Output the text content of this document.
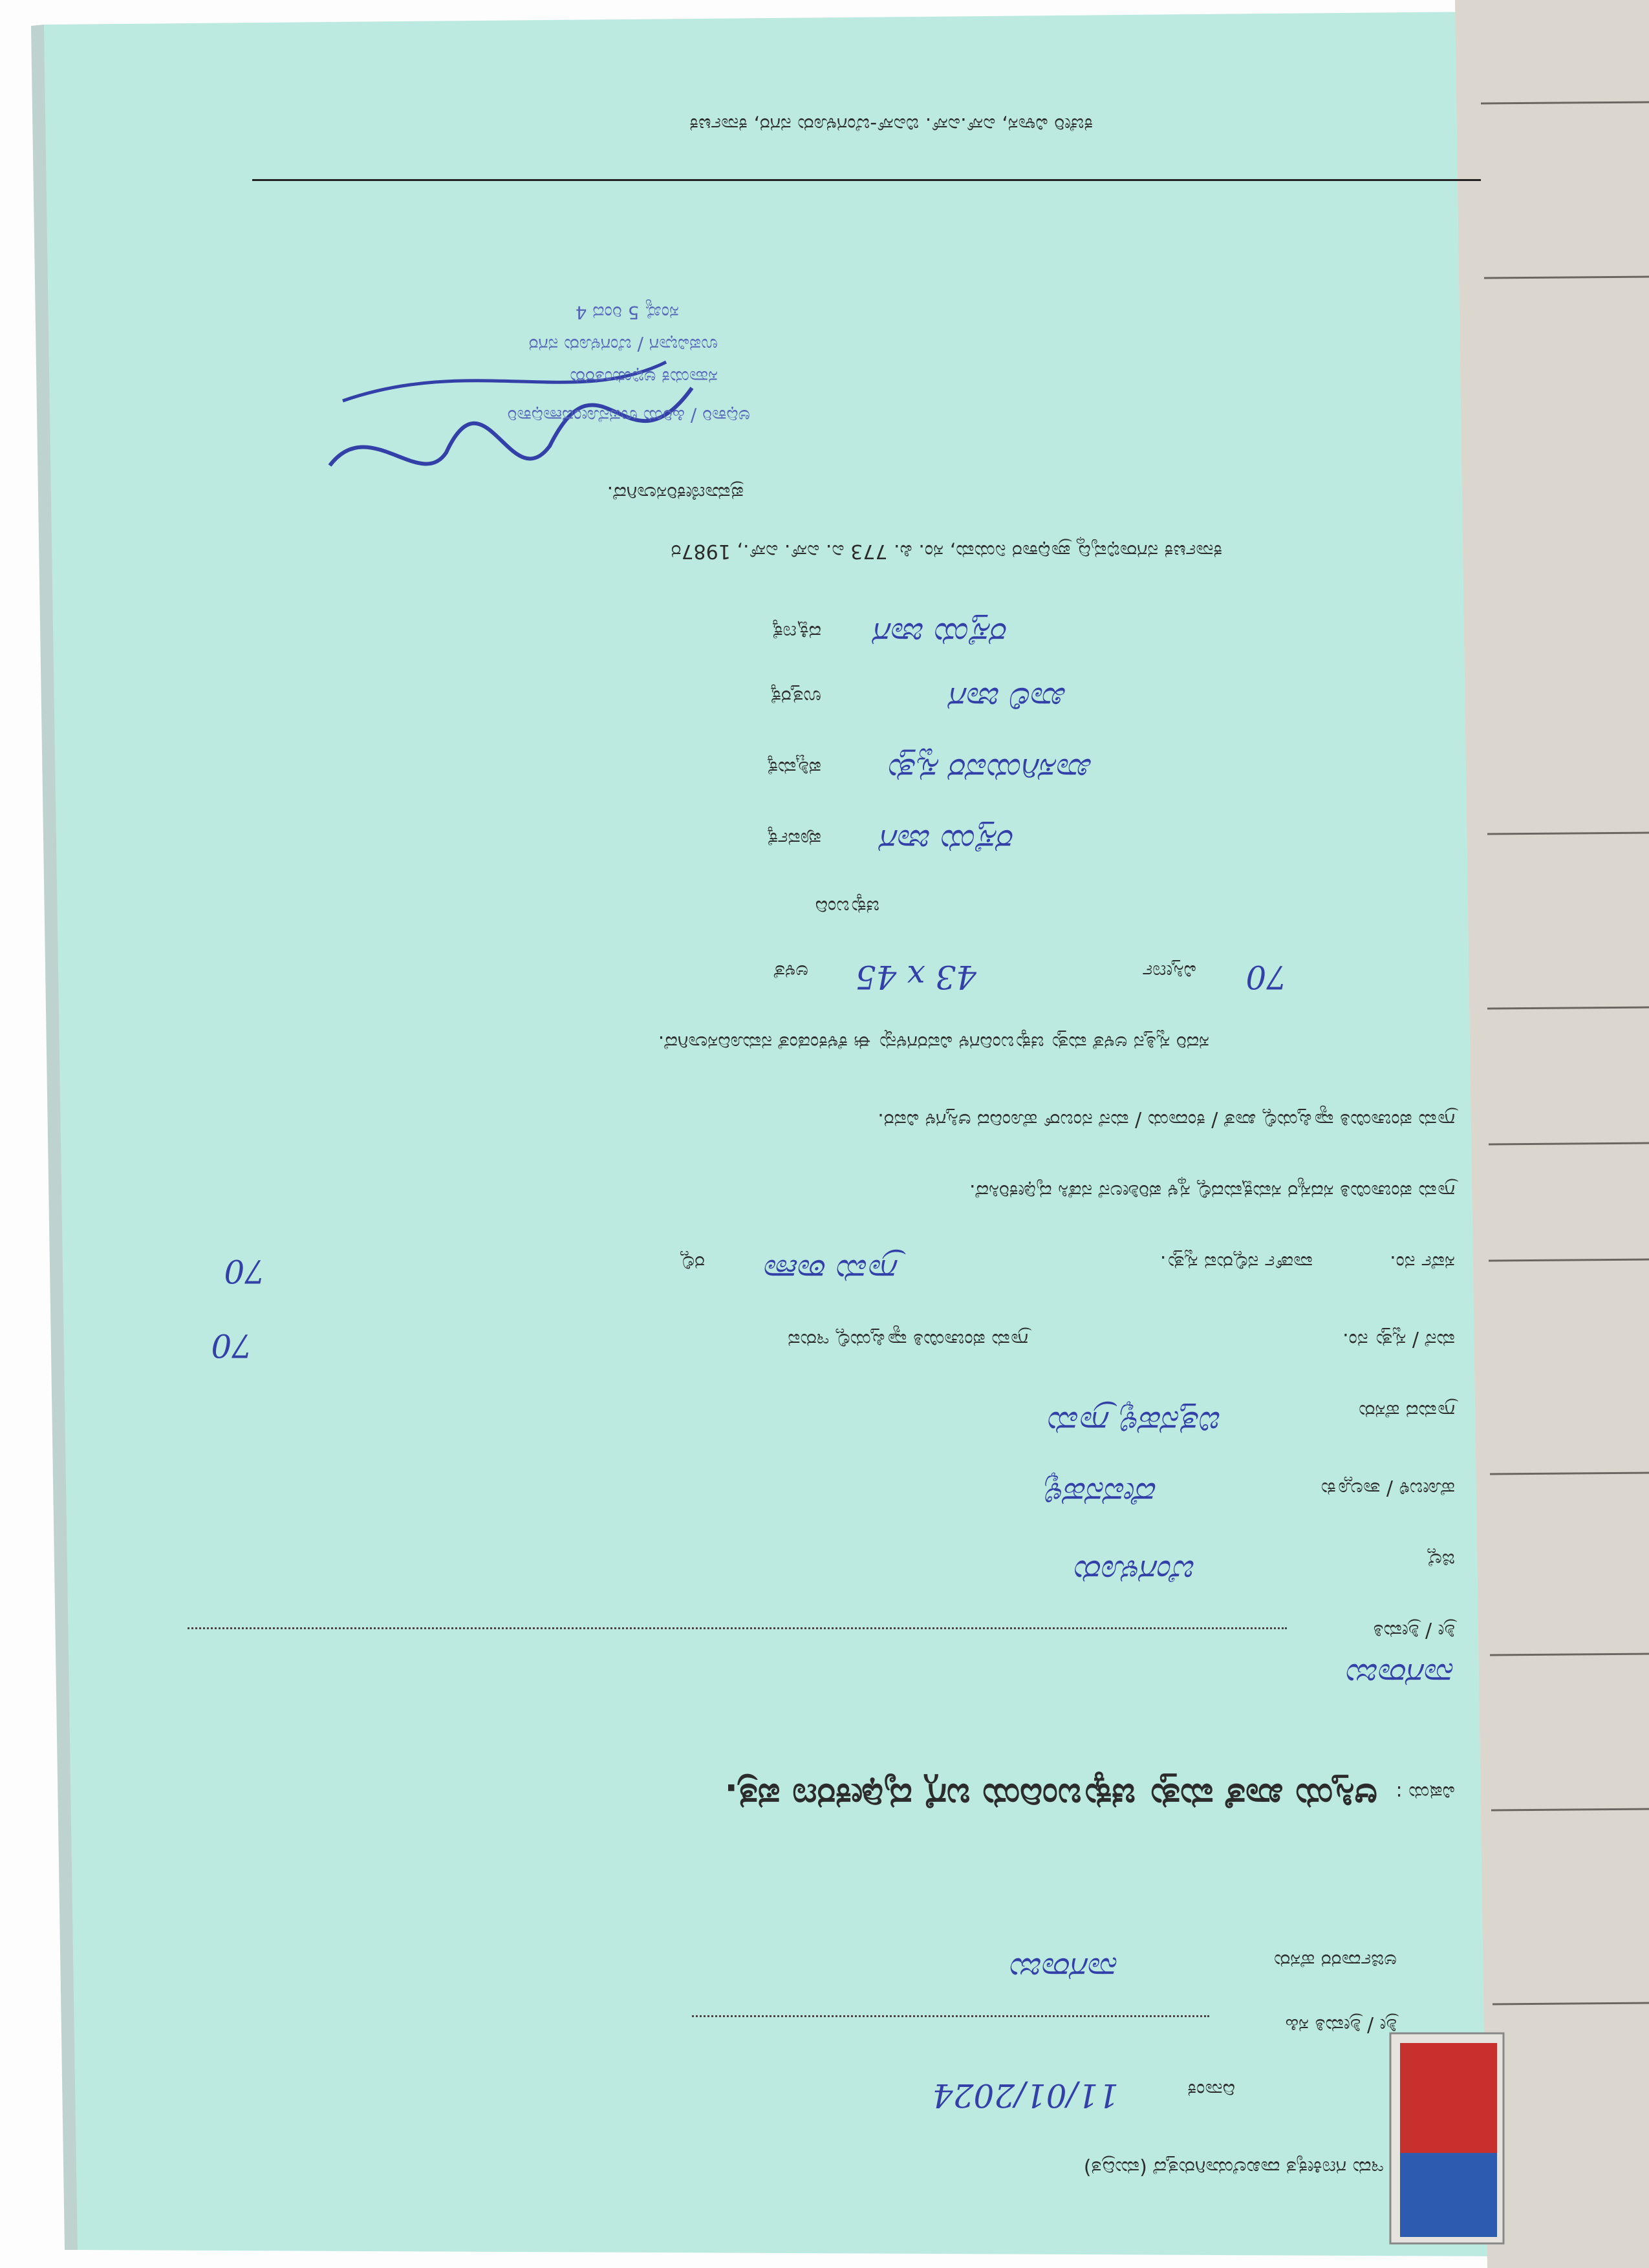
ಇದು ಗಣಕೀಕೃತ ದಾಖಲೆಯಾಗಿರುತ್ತದೆ (ಮುದ್ರಿತ)
ದಿನಾಂಕ
11/01/2024
ಶ್ರೀ / ಶ್ರೀಮತಿ ಸಹಿ
ಅರ್ಜಿದಾರರ ಹೆಸರು
ನಾಗರಾಜು
ವಿಷಯ :
ಆಸ್ತಿಯ ಖಾತೆ ಮತ್ತು ಚಕ್ಕುಬಂದಿಯ ಬಗ್ಗೆ ದೃಢೀಕರಣ ಪತ್ರ.
ನಾಗರಾಜು
ಶ್ರೀ / ಶ್ರೀಮತಿ
ಜಿಲ್ಲೆ
ಬೆಂಗಳೂರು
ಹೋಬಳಿ / ತಾಲ್ಲೂಕು
ದೇವನಹಳ್ಳಿ
ಗ್ರಾಮದ ಹೆಸರು
ಬಿತ್ತನಹಳ್ಳಿ ಗ್ರಾಮ
ಮನೆ / ಸ್ವತ್ತು ನಂ.
ಗ್ರಾಮ ಪಂಚಾಯಿತಿ ವ್ಯಾಪ್ತಿಯಲ್ಲಿ ಇರುವ
70
ಸರ್ವೆ ನಂ.
ವಾರ್ಡ್ ನಲ್ಲಿರುವ ಸ್ವತ್ತು.
ಗ್ರಾಮ ಠಾಣಾ
ರಲ್ಲಿ
70
ಗ್ರಾಮ ಪಂಚಾಯಿತಿ ಸದಸ್ಯರ ಸಮಕ್ಷಮದಲ್ಲಿ ಸ್ಥಳ ಪರಿಶೀಲನೆ ನಡೆಸಿ ದೃಢೀಕರಿಸಿದೆ.
ಗ್ರಾಮ ಪಂಚಾಯಿತಿ ವ್ಯಾಪ್ತಿಯಲ್ಲಿ ಖಾತೆ / ಕಂದಾಯ / ಮನೆ ನಂಬರ್ ಹೊಂದಿದ ಆಸ್ತಿಗಳ ವಿವರ.
ಸದರಿ ಸ್ವತ್ತಿನ ಅಳತೆ ಮತ್ತು ಚಕ್ಕುಬಂದಿಗಳ ವಿವರಗಳನ್ನು ಈ ಕೆಳಕಂಡಂತೆ ನಮೂದಿಸಲಾಗಿದೆ.
70
ವಿಸ್ತೀರ್ಣ
43 x 45
ಅಳತೆ
ಚಕ್ಕುಬಂದಿ
ರಸ್ತೆಯ ಜಾಗ
ಪೂರ್ವಕ್ಕೆ
ಖಾಸಗಿಯವರ ಸ್ವತ್ತು
ಪಶ್ಚಿಮಕ್ಕೆ
ಖಾಲಿ ಜಾಗ
ಉತ್ತರಕ್ಕೆ
ರಸ್ತೆಯ ಜಾಗ
ದಕ್ಷಿಣಕ್ಕೆ
ಕರ್ನಾಟಕ ನಗರಾಭಿವೃದ್ಧಿ ಪ್ರಾಧಿಕಾರ ನಿಯಮ, ಸಂ. ಪಿ. 773 ಎ. ಎಸ್. ಎಸ್., 1987ರ
ಪ್ರಮಾಣೀಕರಿಸಲಾಗಿದೆ.
ಅಧಿಕಾರಿ / ಹಿರಿಯ ಉಪನೋಂದಣಾಧಿಕಾರಿ
ಸಹಾಯಕ ಅಭಿಯಂತರರು
ಉಪವಿಭಾಗ / ಬೆಂಗಳೂರು ನಗರ
ಸಂಖ್ಯೆ 5 ರಿಂದ 4
ಕಚೇರಿ ವಿಳಾಸ, ಎಸ್.ಎಸ್. ಬಿಎಸ್-ಬೆಂಗಳೂರು ನಗರ, ಕರ್ನಾಟಕ
